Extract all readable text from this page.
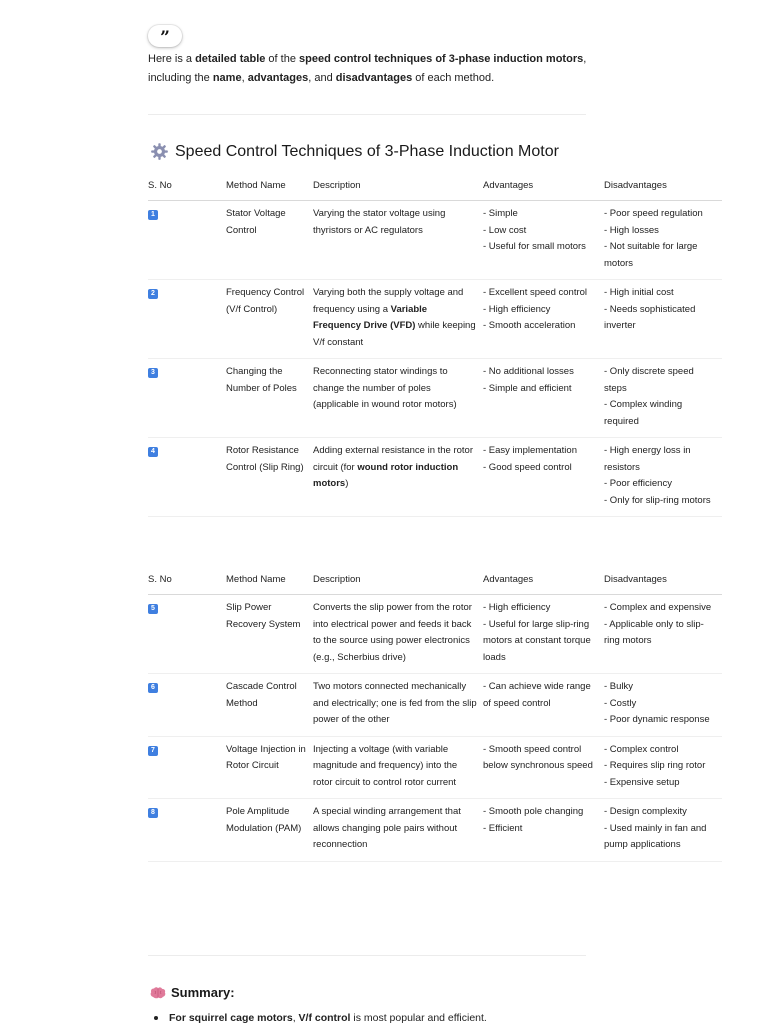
”
Here is a detailed table of the speed control techniques of 3-phase induction motors,
including the name, advantages, and disadvantages of each method.
Speed Control Techniques of 3-Phase Induction Motor
S. No	Method Name	Description	Advantages	Disadvantages
1	Stator Voltage Control	Varying the stator voltage using thyristors or AC regulators	- Simple
- Low cost
- Useful for small motors	- Poor speed regulation
- High losses
- Not suitable for large motors
2	Frequency Control (V/f Control)	Varying both the supply voltage and frequency using a Variable Frequency Drive (VFD) while keeping V/f constant	- Excellent speed control
- High efficiency
- Smooth acceleration	- High initial cost
- Needs sophisticated inverter
3	Changing the Number of Poles	Reconnecting stator windings to change the number of poles (applicable in wound rotor motors)	- No additional losses
- Simple and efficient	- Only discrete speed steps
- Complex winding required
4	Rotor Resistance Control (Slip Ring)	Adding external resistance in the rotor circuit (for wound rotor induction motors)	- Easy implementation
- Good speed control	- High energy loss in resistors
- Poor efficiency
- Only for slip-ring motors
S. No	Method Name	Description	Advantages	Disadvantages
5	Slip Power Recovery System	Converts the slip power from the rotor into electrical power and feeds it back to the source using power electronics (e.g., Scherbius drive)	- High efficiency
- Useful for large slip-ring motors at constant torque loads	- Complex and expensive
- Applicable only to slip-ring motors
6	Cascade Control Method	Two motors connected mechanically and electrically; one is fed from the slip power of the other	- Can achieve wide range of speed control	- Bulky
- Costly
- Poor dynamic response
7	Voltage Injection in Rotor Circuit	Injecting a voltage (with variable magnitude and frequency) into the rotor circuit to control rotor current	- Smooth speed control below synchronous speed	- Complex control
- Requires slip ring rotor
- Expensive setup
8	Pole Amplitude Modulation (PAM)	A special winding arrangement that allows changing pole pairs without reconnection	- Smooth pole changing
- Efficient	- Design complexity
- Used mainly in fan and pump applications
Summary:
For squirrel cage motors, V/f control is most popular and efficient.
